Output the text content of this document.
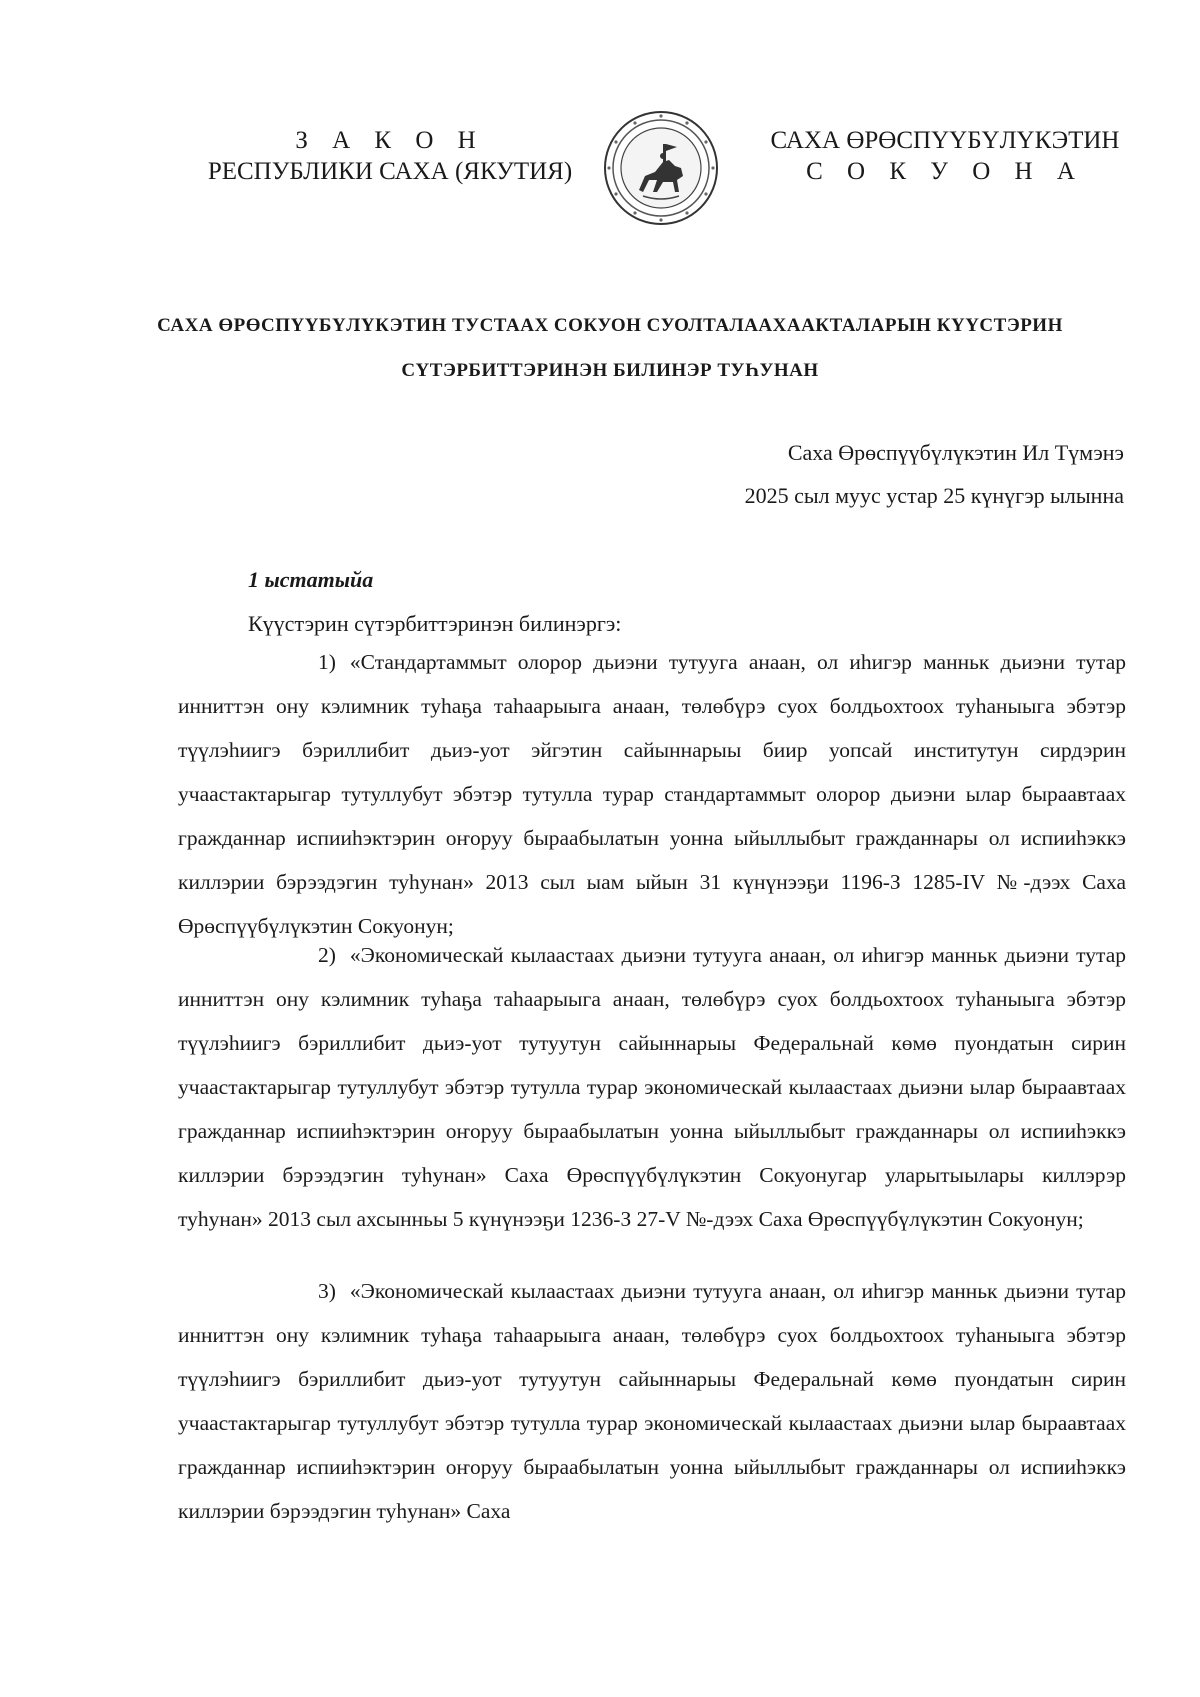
З А К О Н
РЕСПУБЛИКИ САХА (ЯКУТИЯ)
САХА ӨРӨСПҮҮБҮЛҮКЭТИН
С О К У О Н А
САХА ӨРӨСПҮҮБҮЛҮКЭТИН ТУСТААХ СОКУОН СУОЛТАЛААХААКТАЛАРЫН КҮҮСТЭРИН
СҮТЭРБИТТЭРИНЭН БИЛИНЭР ТУҺУНАН
Саха Өрөспүүбүлүкэтин Ил Түмэнэ
2025 сыл муус устар 25 күнүгэр ылынна
1 ыстатыйа
Күүстэрин сүтэрбиттэринэн билинэргэ:

1) «Стандартаммыт олорор дьиэни тутууга анаан, ол иһигэр манньк дьиэни тутар инниттэн ону кэлимник туһаҕа таһаарыыга анаан, төлөбүрэ суох болдьохтоох туһаныыга эбэтэр түүлэһиигэ бэриллибит дьиэ-уот эйгэтин сайыннарыы биир уопсай институтун сирдэрин учаастактарыгар тутуллубут эбэтэр тутулла турар стандартаммыт олорор дьиэни ылар быраавтаах гражданнар испииһэктэрин оҥоруу быраабылатын уонна ыйыллыбыт гражданнары ол испииһэккэ киллэрии бэрээдэгин туһунан» 2013 сыл ыам ыйын 31 күнүнээҕи 1196-З 1285-IV №-дээх Саха Өрөспүүбүлүкэтин Сокуонун;

2) «Экономическай кылаастаах дьиэни тутууга анаан, ол иһигэр манньк дьиэни тутар инниттэн ону кэлимник туһаҕа таһаарыыга анаан, төлөбүрэ суох болдьохтоох туһаныыга эбэтэр түүлэһиигэ бэриллибит дьиэ-уот тутуутун сайыннарыы Федеральнай көмө пуондатын сирин учаастактарыгар тутуллубут эбэтэр тутулла турар экономическай кылаастаах дьиэни ылар быраавтаах гражданнар испииһэктэрин оҥоруу быраабылатын уонна ыйыллыбыт гражданнары ол испииһэккэ киллэрии бэрээдэгин туһунан» Саха Өрөспүүбүлүкэтин Сокуонугар уларытыылары киллэрэр туһунан» 2013 сыл ахсынньы 5 күнүнээҕи 1236-З 27-V №-дээх Саха Өрөспүүбүлүкэтин Сокуонун;

3) «Экономическай кылаастаах дьиэни тутууга анаан, ол иһигэр манньк дьиэни тутар инниттэн ону кэлимник туһаҕа таһаарыыга анаан, төлөбүрэ суох болдьохтоох туһаныыга эбэтэр түүлэһиигэ бэриллибит дьиэ-уот тутуутун сайыннарыы Федеральнай көмө пуондатын сирин учаастактарыгар тутуллубут эбэтэр тутулла турар экономическай кылаастаах дьиэни ылар быраавтаах гражданнар испииһэктэрин оҥоруу быраабылатын уонна ыйыллыбыт гражданнары ол испииһэккэ киллэрии бэрээдэгин туһунан» Саха
